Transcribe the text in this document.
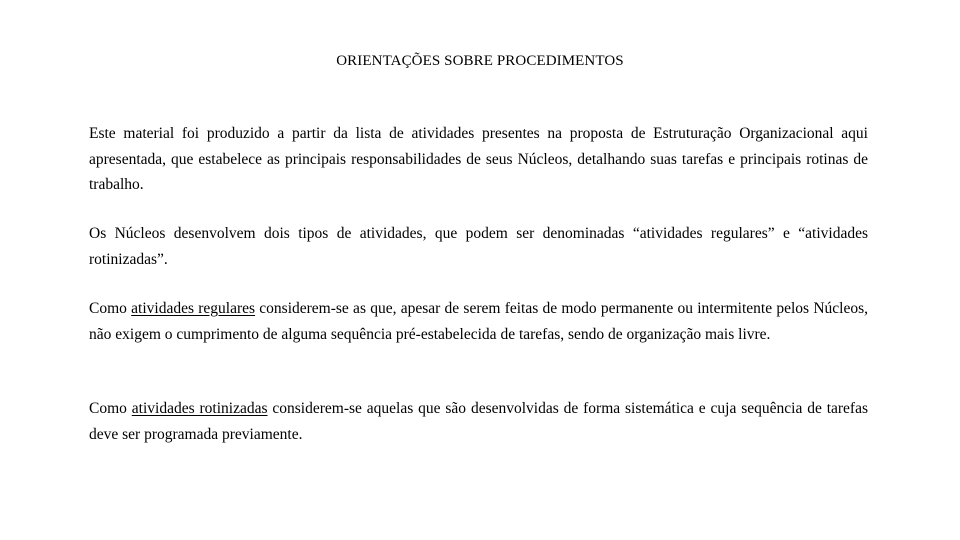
ORIENTAÇÕES SOBRE PROCEDIMENTOS

Este material foi produzido a partir da lista de atividades presentes na proposta de Estruturação Organizacional aqui apresentada, que estabelece as principais responsabilidades de seus Núcleos, detalhando suas tarefas e principais rotinas de trabalho.

Os Núcleos desenvolvem dois tipos de atividades, que podem ser denominadas “atividades regulares” e “atividades rotinizadas”.

Como atividades regulares considerem-se as que, apesar de serem feitas de modo permanente ou intermitente pelos Núcleos, não exigem o cumprimento de alguma sequência pré-estabelecida de tarefas, sendo de organização mais livre.

Como atividades rotinizadas considerem-se aquelas que são desenvolvidas de forma sistemática e cuja sequência de tarefas deve ser programada previamente.
